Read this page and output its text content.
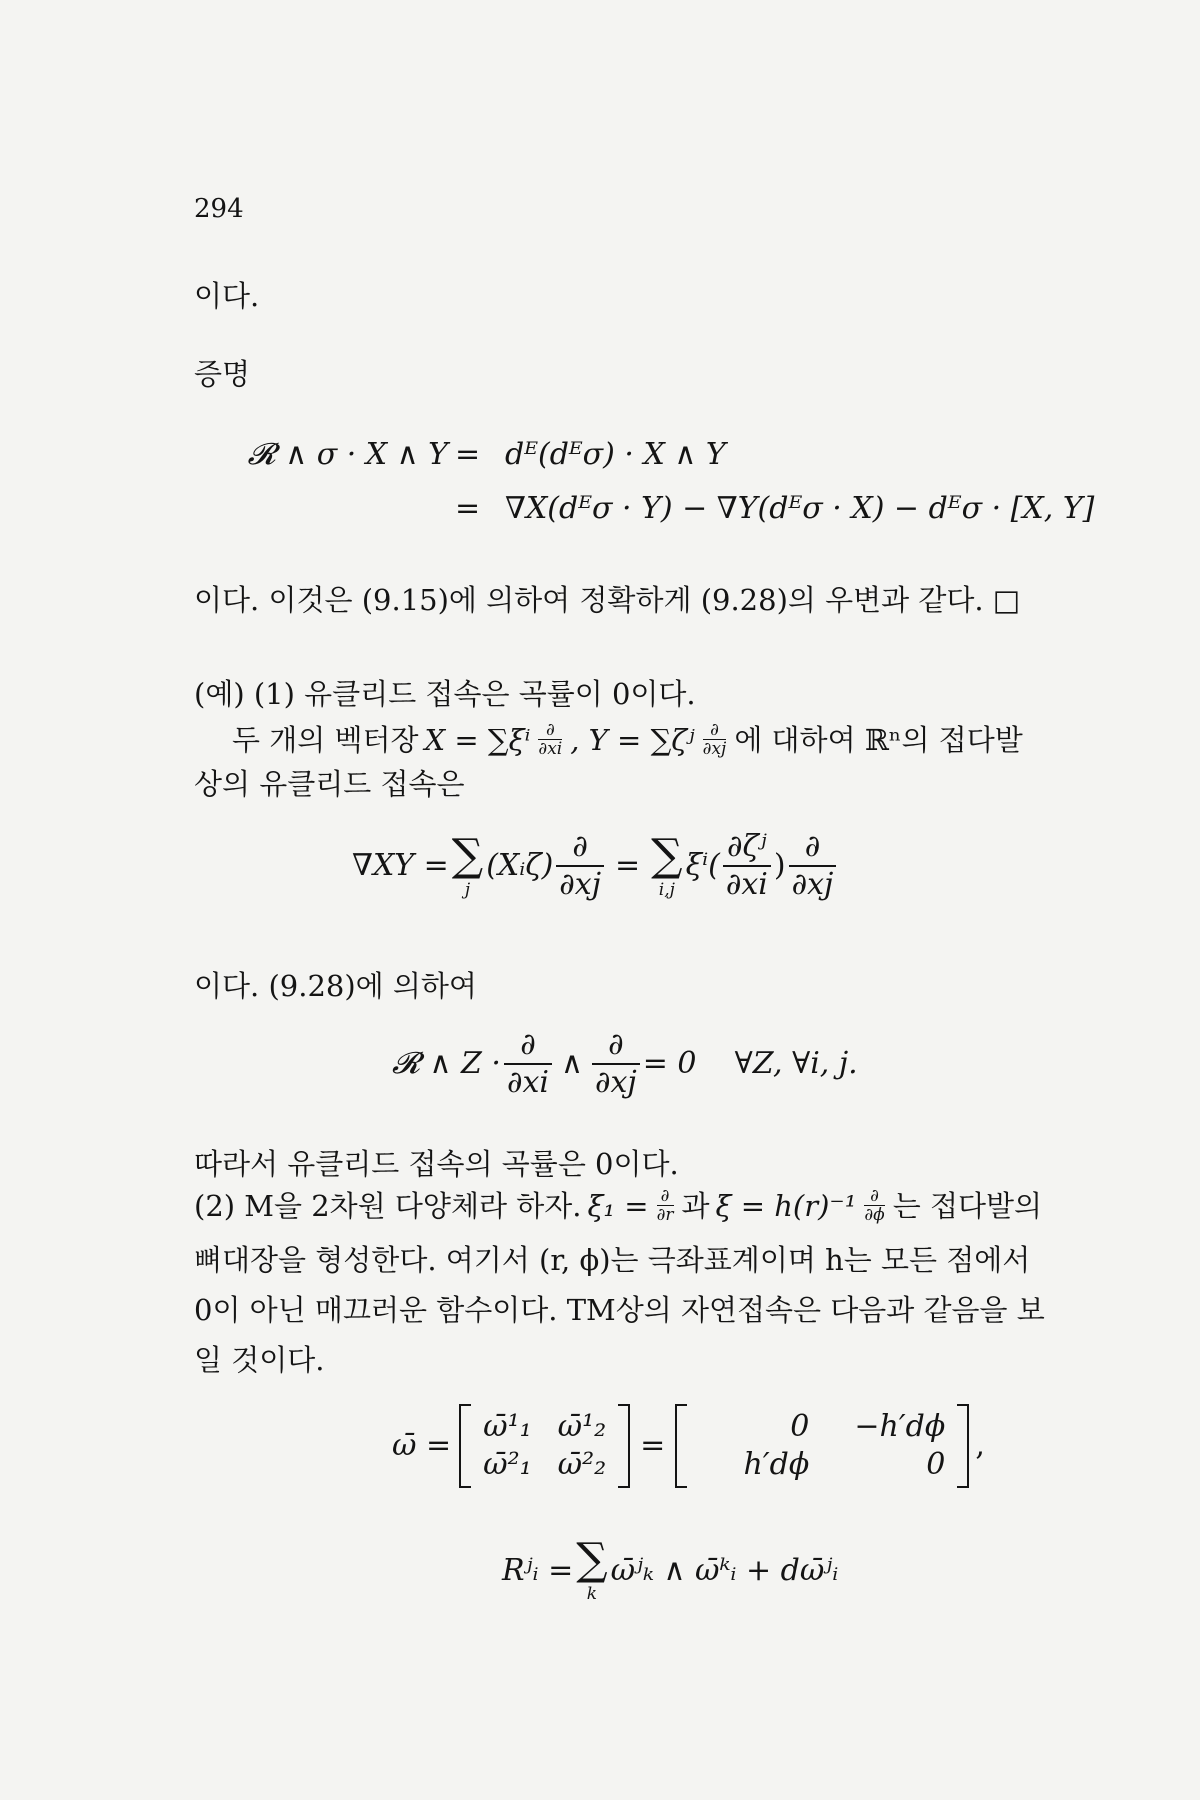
294
이다.
증명
𝓡 ∧ σ · X ∧ Y = dᴱ(dᴱσ) · X ∧ Y
= ∇X(dᴱσ · Y) − ∇Y(dᴱσ · X) − dᴱσ · [X, Y]
이다. 이것은 (9.15)에 의하여 정확하게 (9.28)의 우변과 같다. □
(예) (1) 유클리드 접속은 곡률이 0이다.
두 개의 벡터장 X = ∑ξⁱ ∂
∂xi , Y = ∑ζʲ ∂
∂xj 에 대하여 ℝⁿ의 접다발
상의 유클리드 접속은
∇XY = ∑
j
(Xᵢζ) $\frac{\partial}{\partial xj}$ = ∑
i,j
$\xi^i( \frac{\text{∂ζʲ}}{\partial xi}$ ) $\frac{\partial}{\partial xj}$
이다. (9.28)에 의하여
𝓡 ∧ $Z \cdot \frac{\partial}{\partial xi}$ ∧ $\frac{\partial}{\partial xj} = 0$    ∀Z, ∀i, j.
따라서 유클리드 접속의 곡률은 0이다.
(2) M을 2차원 다양체라 하자. ξ₁ = ∂
∂r 과 ξ = h(r)⁻¹ ∂
∂ϕ 는 접다발의
뼈대장을 형성한다. 여기서 (r, ϕ)는 극좌표계이며 h는 모든 점에서
0이 아닌 매끄러운 함수이다. TM상의 자연접속은 다음과 같음을 보
일 것이다.
ω̄ =
ω̄¹₁ ω̄¹₂
ω̄²₁ ω̄²₂
=
0	−h′dϕ
h′dϕ	0
,
Rʲᵢ = ∑
k
ω̄ʲₖ ∧ ω̄ᵏᵢ + dω̄ʲᵢ
